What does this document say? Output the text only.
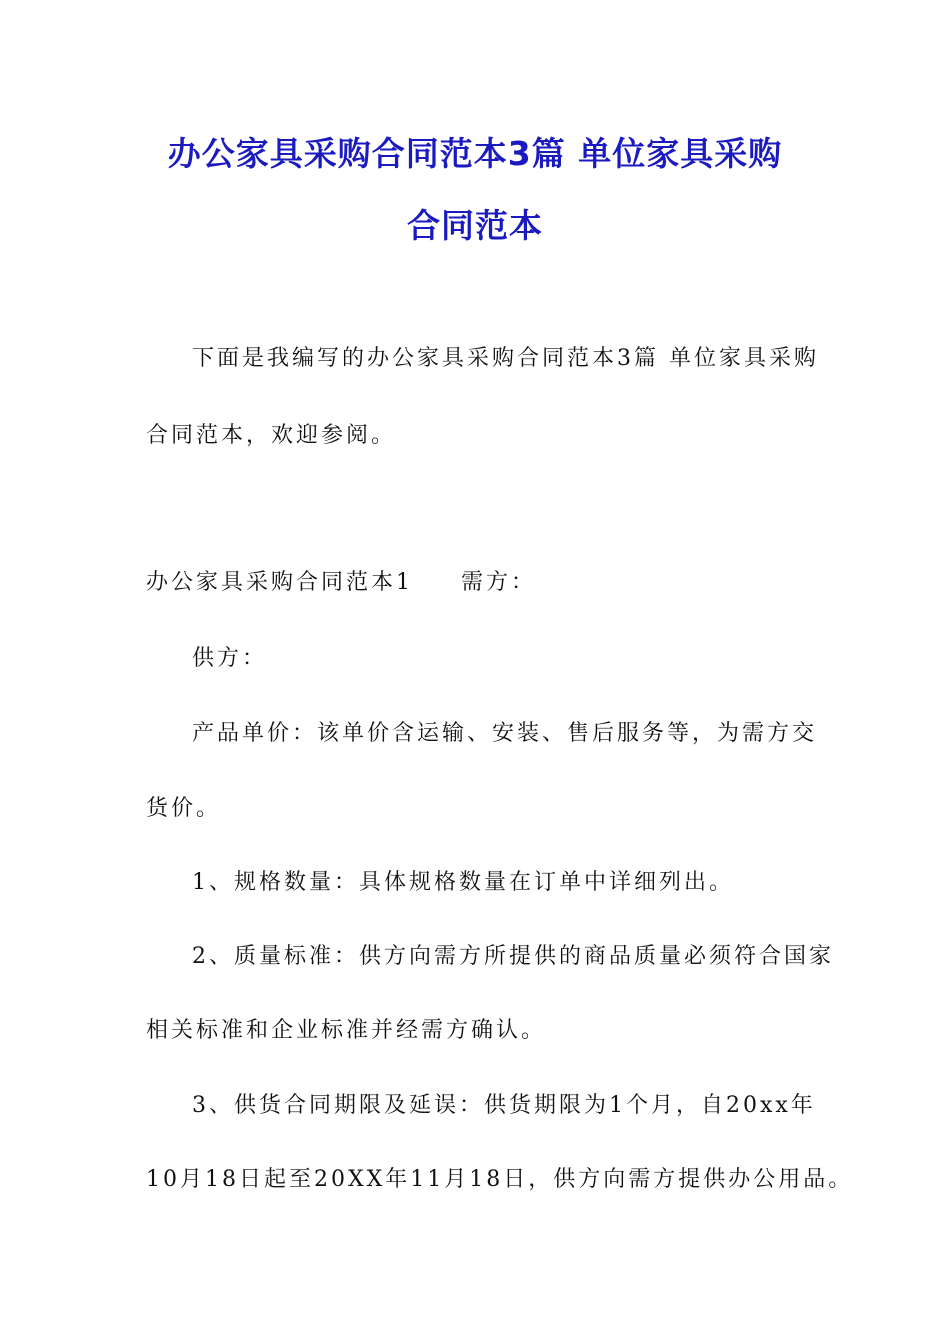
办公家具采购合同范本3篇 单位家具采购
合同范本

下面是我编写的办公家具采购合同范本3篇 单位家具采购

合同范本，欢迎参阅。

办公家具采购合同范本1 需方：

供方：

产品单价：该单价含运输、安装、售后服务等，为需方交

货价。

1、规格数量：具体规格数量在订单中详细列出。

2、质量标准：供方向需方所提供的商品质量必须符合国家

相关标准和企业标准并经需方确认。

3、供货合同期限及延误：供货期限为1个月，自20xx年

10月18日起至20XX年11月18日，供方向需方提供办公用品。
